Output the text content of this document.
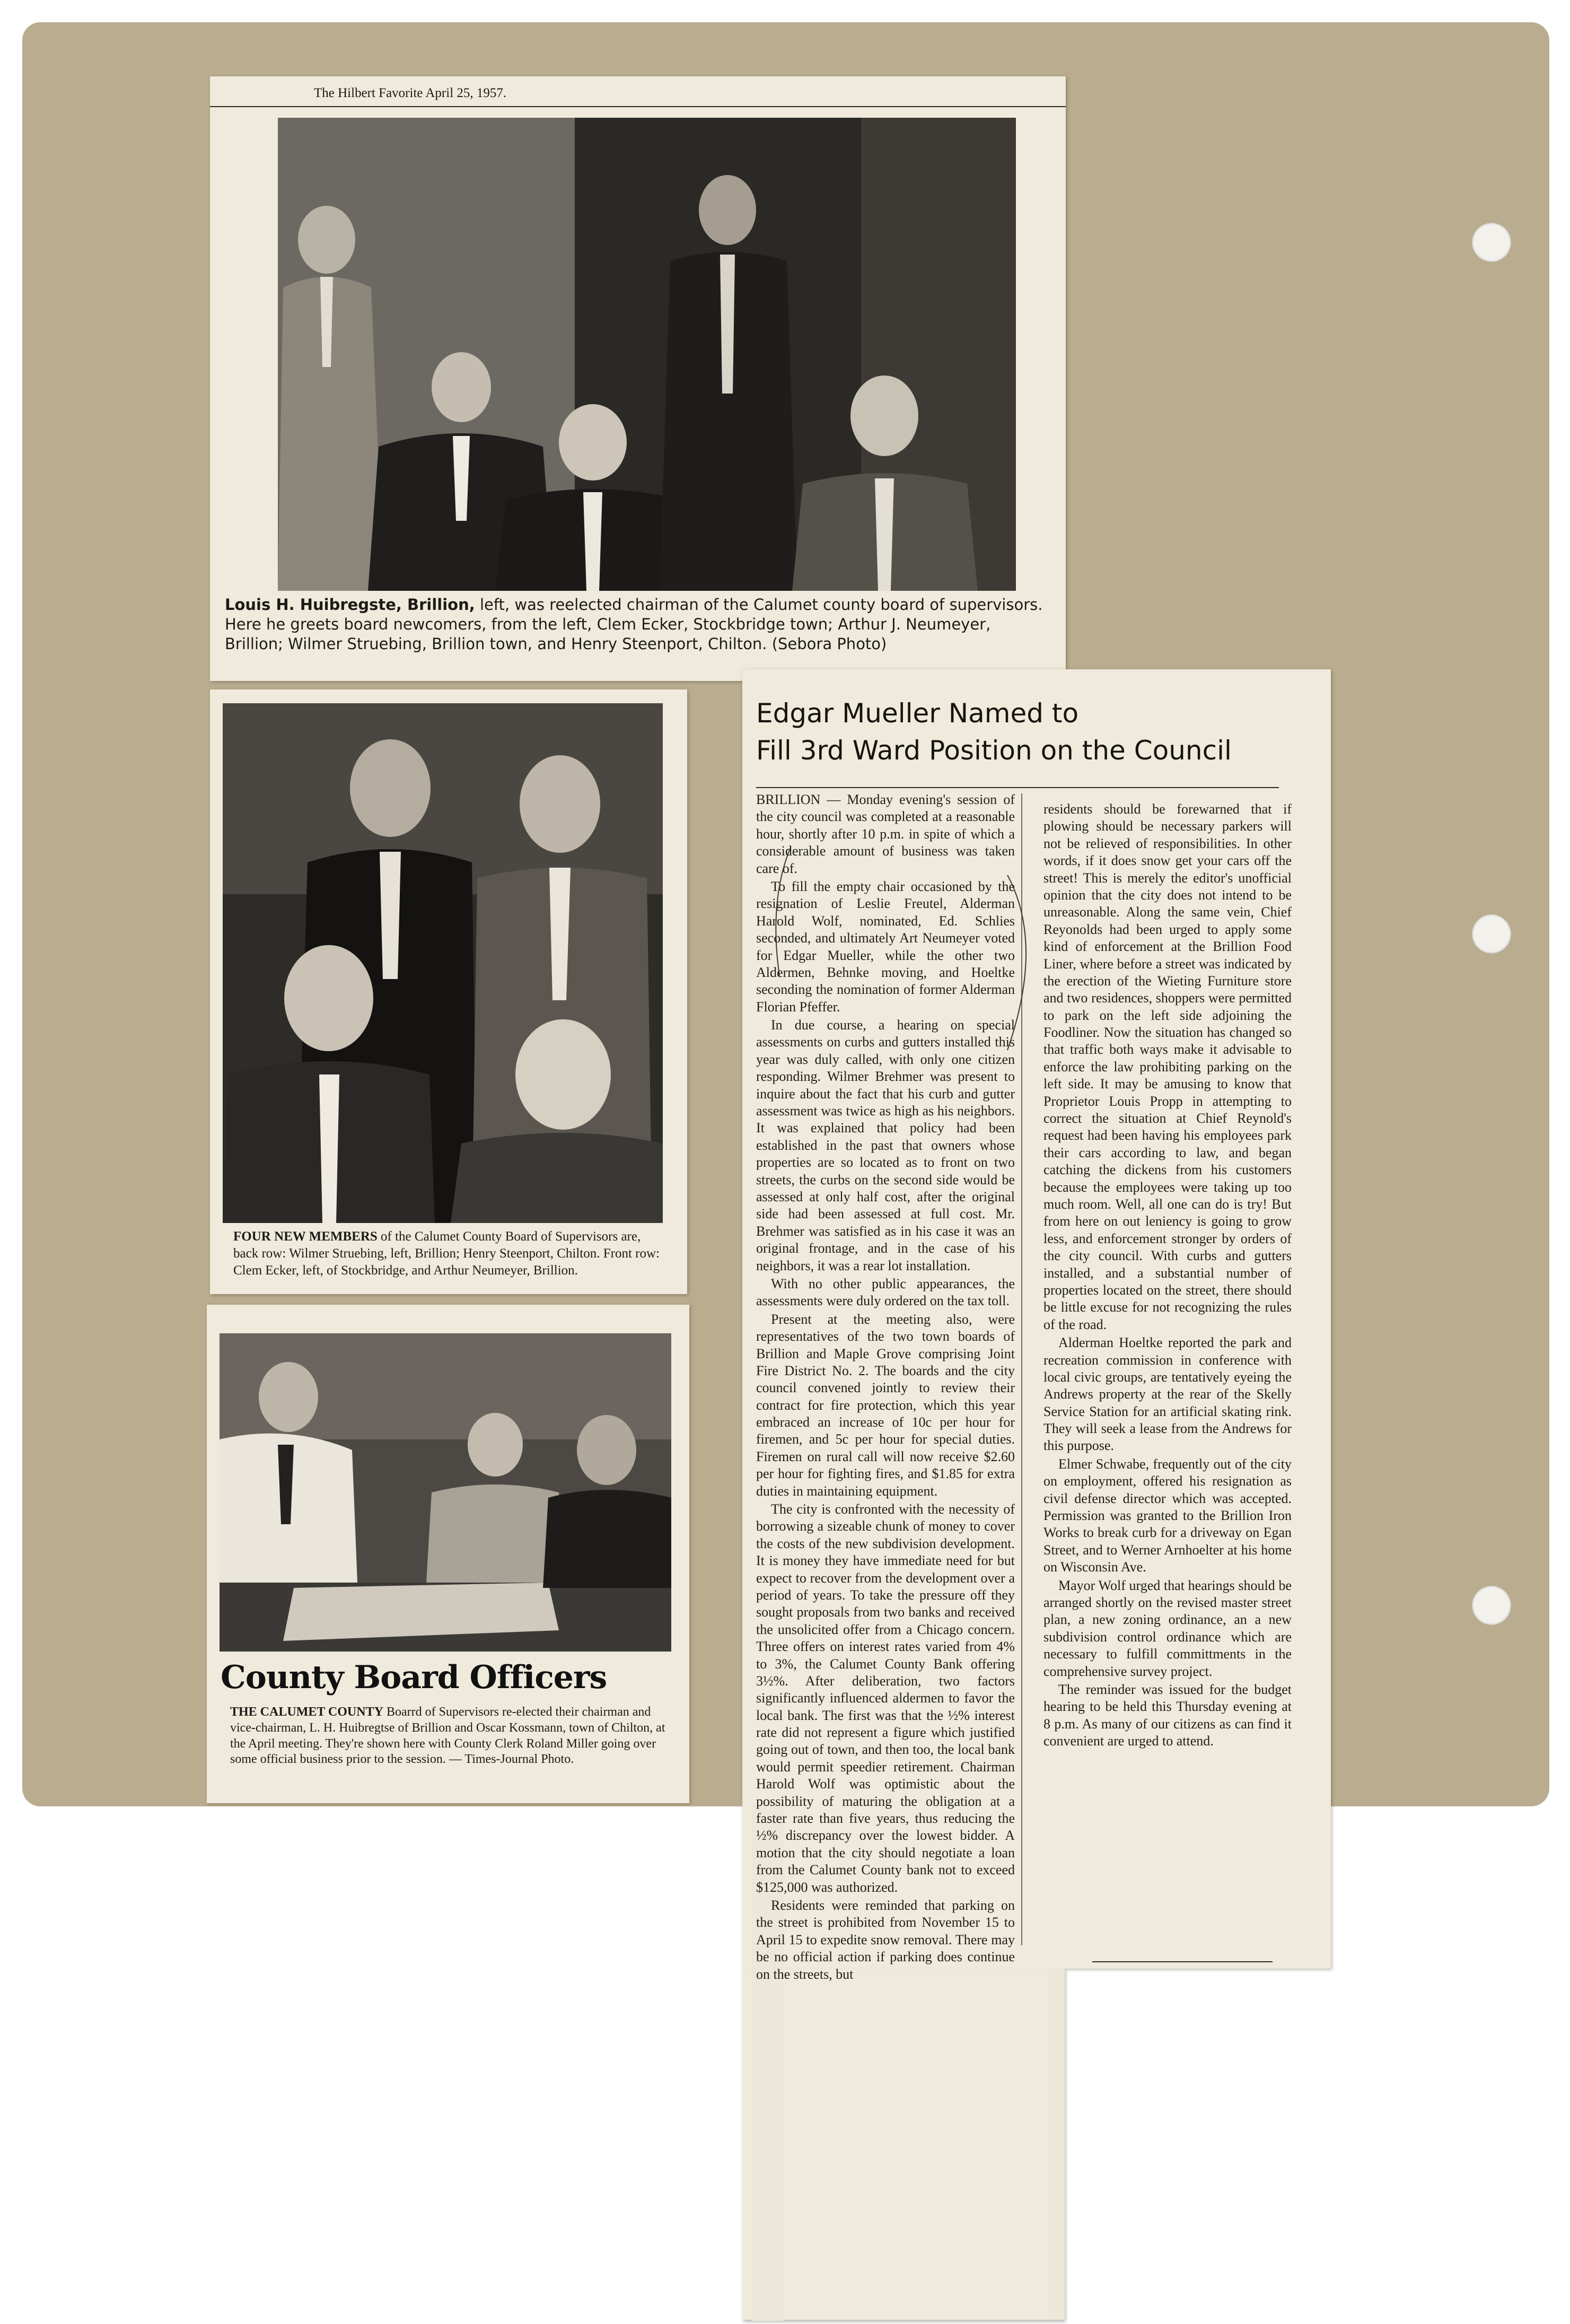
The Hilbert Favorite April 25, 1957.
Louis H. Huibregste, Brillion, left, was reelected chairman of the Calumet county board of supervisors. Here he greets board newcomers, from the left, Clem Ecker, Stockbridge town; Arthur J. Neumeyer, Brillion; Wilmer Struebing, Brillion town, and Henry Steenport, Chilton. (Sebora Photo)
FOUR NEW MEMBERS of the Calumet County Board of Supervisors are, back row: Wilmer Struebing, left, Brillion; Henry Steenport, Chilton. Front row: Clem Ecker, left, of Stockbridge, and Arthur Neumeyer, Brillion.
County Board Officers
THE CALUMET COUNTY Boarrd of Supervisors re-elected their chairman and vice-chairman, L. H. Huibregtse of Brillion and Oscar Kossmann, town of Chilton, at the April meeting. They're shown here with County Clerk Roland Miller going over some official business prior to the session. — Times-Journal Photo.
Edgar Mueller Named to
Fill 3rd Ward Position on the Council

BRILLION — Monday evening's session of the city council was completed at a reasonable hour, shortly after 10 p.m. in spite of which a considerable amount of business was taken care of.

To fill the empty chair occasioned by the resignation of Leslie Freutel, Alderman Harold Wolf, nominated, Ed. Schlies seconded, and ultimately Art Neumeyer voted for Edgar Mueller, while the other two Aldermen, Behnke moving, and Hoeltke seconding the nomination of former Alderman Florian Pfeffer.

In due course, a hearing on special assessments on curbs and gutters installed this year was duly called, with only one citizen responding. Wilmer Brehmer was present to inquire about the fact that his curb and gutter assessment was twice as high as his neighbors. It was explained that policy had been established in the past that owners whose properties are so located as to front on two streets, the curbs on the second side would be assessed at only half cost, after the original side had been assessed at full cost. Mr. Brehmer was satisfied as in his case it was an original frontage, and in the case of his neighbors, it was a rear lot installation.

With no other public appearances, the assessments were duly ordered on the tax toll.

Present at the meeting also, were representatives of the two town boards of Brillion and Maple Grove comprising Joint Fire District No. 2. The boards and the city council convened jointly to review their contract for fire protection, which this year embraced an increase of 10c per hour for firemen, and 5c per hour for special duties. Firemen on rural call will now receive $2.60 per hour for fighting fires, and $1.85 for extra duties in maintaining equipment.

The city is confronted with the necessity of borrowing a sizeable chunk of money to cover the costs of the new subdivision development. It is money they have immediate need for but expect to recover from the development over a period of years. To take the pressure off they sought proposals from two banks and received the unsolicited offer from a Chicago concern. Three offers on interest rates varied from 4% to 3%, the Calumet County Bank offering 3½%. After deliberation, two factors significantly influenced aldermen to favor the local bank. The first was that the ½% interest rate did not represent a figure which justified going out of town, and then too, the local bank would permit speedier retirement. Chairman Harold Wolf was optimistic about the possibility of maturing the obligation at a faster rate than five years, thus reducing the ½% discrepancy over the lowest bidder. A motion that the city should negotiate a loan from the Calumet County bank not to exceed $125,000 was authorized.

Residents were reminded that parking on the street is prohibited from November 15 to April 15 to expedite snow removal. There may be no official action if parking does continue on the streets, but

residents should be forewarned that if plowing should be necessary parkers will not be relieved of responsibilities. In other words, if it does snow get your cars off the street! This is merely the editor's unofficial opinion that the city does not intend to be unreasonable. Along the same vein, Chief Reyonolds had been urged to apply some kind of enforcement at the Brillion Food Liner, where before a street was indicated by the erection of the Wieting Furniture store and two residences, shoppers were permitted to park on the left side adjoining the Foodliner. Now the situation has changed so that traffic both ways make it advisable to enforce the law prohibiting parking on the left side. It may be amusing to know that Proprietor Louis Propp in attempting to correct the situation at Chief Reynold's request had been having his employees park their cars according to law, and began catching the dickens from his customers because the employees were taking up too much room. Well, all one can do is try! But from here on out leniency is going to grow less, and enforcement stronger by orders of the city council. With curbs and gutters installed, and a substantial number of properties located on the street, there should be little excuse for not recognizing the rules of the road.

Alderman Hoeltke reported the park and recreation commission in conference with local civic groups, are tentatively eyeing the Andrews property at the rear of the Skelly Service Station for an artificial skating rink. They will seek a lease from the Andrews for this purpose.

Elmer Schwabe, frequently out of the city on employment, offered his resignation as civil defense director which was accepted. Permission was granted to the Brillion Iron Works to break curb for a driveway on Egan Street, and to Werner Arnhoelter at his home on Wisconsin Ave.

Mayor Wolf urged that hearings should be arranged shortly on the revised master street plan, a new zoning ordinance, an a new subdivision control ordinance which are necessary to fulfill committments in the comprehensive survey project.

The reminder was issued for the budget hearing to be held this Thursday evening at 8 p.m. As many of our citizens as can find it convenient are urged to attend.
